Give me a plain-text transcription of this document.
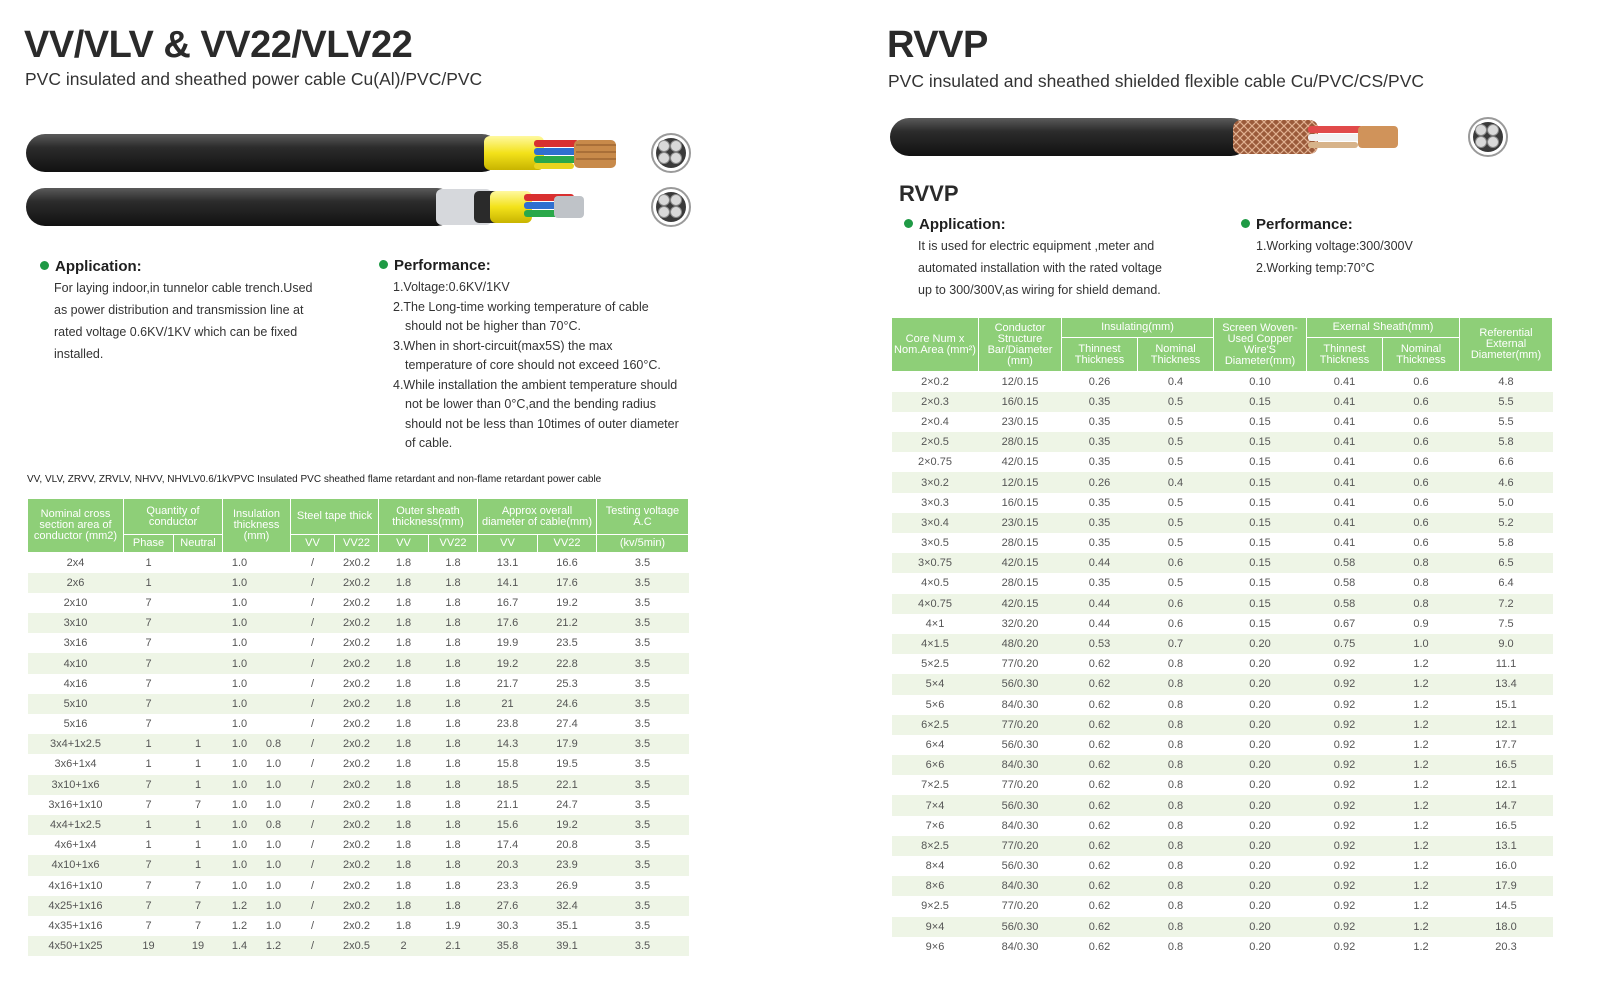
VV/VLV & VV22/VLV22
PVC insulated and sheathed power cable Cu(Al)/PVC/PVC
Application:
For laying indoor,in tunnelor cable trench.Used
as power distribution and transmission line at
rated voltage 0.6KV/1KV which can be fixed
installed.
Performance:
1.Voltage:0.6KV/1KV
2.The Long-time working temperature of cable
should not be higher than 70°C.
3.When in short-circuit(max5S) the max
temperature of core should not exceed 160°C.
4.While installation the ambient temperature should
not be lower than 0°C,and the bending radius
should not be less than 10times of outer diameter
of cable.
VV, VLV, ZRVV, ZRVLV, NHVV, NHVLV0.6/1kVPVC Insulated PVC sheathed flame retardant and non-flame retardant power cable
Nominal cross section area of conductor (mm2)	Quantity of conductor		Insulation thickness (mm)		Steel tape thick		Outer sheath thickness(mm)		Approx overall diameter of cable(mm)		Testing voltage A.C
	Phase	Neutral			VV	VV22	VV	VV22	VV	VV22	(kv/5min)
2x4	1		1.0		/	2x0.2	1.8	1.8	13.1	16.6	3.5
2x6	1		1.0		/	2x0.2	1.8	1.8	14.1	17.6	3.5
2x10	7		1.0		/	2x0.2	1.8	1.8	16.7	19.2	3.5
3x10	7		1.0		/	2x0.2	1.8	1.8	17.6	21.2	3.5
3x16	7		1.0		/	2x0.2	1.8	1.8	19.9	23.5	3.5
4x10	7		1.0		/	2x0.2	1.8	1.8	19.2	22.8	3.5
4x16	7		1.0		/	2x0.2	1.8	1.8	21.7	25.3	3.5
5x10	7		1.0		/	2x0.2	1.8	1.8	21	24.6	3.5
5x16	7		1.0		/	2x0.2	1.8	1.8	23.8	27.4	3.5
3x4+1x2.5	1	1	1.0	0.8	/	2x0.2	1.8	1.8	14.3	17.9	3.5
3x6+1x4	1	1	1.0	1.0	/	2x0.2	1.8	1.8	15.8	19.5	3.5
3x10+1x6	7	1	1.0	1.0	/	2x0.2	1.8	1.8	18.5	22.1	3.5
3x16+1x10	7	7	1.0	1.0	/	2x0.2	1.8	1.8	21.1	24.7	3.5
4x4+1x2.5	1	1	1.0	0.8	/	2x0.2	1.8	1.8	15.6	19.2	3.5
4x6+1x4	1	1	1.0	1.0	/	2x0.2	1.8	1.8	17.4	20.8	3.5
4x10+1x6	7	1	1.0	1.0	/	2x0.2	1.8	1.8	20.3	23.9	3.5
4x16+1x10	7	7	1.0	1.0	/	2x0.2	1.8	1.8	23.3	26.9	3.5
4x25+1x16	7	7	1.2	1.0	/	2x0.2	1.8	1.8	27.6	32.4	3.5
4x35+1x16	7	7	1.2	1.0	/	2x0.2	1.8	1.9	30.3	35.1	3.5
4x50+1x25	19	19	1.4	1.2	/	2x0.5	2	2.1	35.8	39.1	3.5
RVVP
PVC insulated and sheathed shielded flexible cable Cu/PVC/CS/PVC
RVVP
Application:
It is used for electric equipment ,meter and
automated installation with the rated voltage
up to 300/300V,as wiring for shield demand.
Performance:
1.Working voltage:300/300V
2.Working temp:70°C
Core Num x Nom.Area (mm²)	Conductor Structure Bar/Diameter (mm)	Insulating(mm)		Screen Woven-Used Copper Wire'S Diameter(mm)	Exernal Sheath(mm)		Referential External Diameter(mm)
		Thinnest Thickness	Nominal Thickness		Thinnest Thickness	Nominal Thickness	
2×0.2	12/0.15	0.26	0.4	0.10	0.41	0.6	4.8
2×0.3	16/0.15	0.35	0.5	0.15	0.41	0.6	5.5
2×0.4	23/0.15	0.35	0.5	0.15	0.41	0.6	5.5
2×0.5	28/0.15	0.35	0.5	0.15	0.41	0.6	5.8
2×0.75	42/0.15	0.35	0.5	0.15	0.41	0.6	6.6
3×0.2	12/0.15	0.26	0.4	0.15	0.41	0.6	4.6
3×0.3	16/0.15	0.35	0.5	0.15	0.41	0.6	5.0
3×0.4	23/0.15	0.35	0.5	0.15	0.41	0.6	5.2
3×0.5	28/0.15	0.35	0.5	0.15	0.41	0.6	5.8
3×0.75	42/0.15	0.44	0.6	0.15	0.58	0.8	6.5
4×0.5	28/0.15	0.35	0.5	0.15	0.58	0.8	6.4
4×0.75	42/0.15	0.44	0.6	0.15	0.58	0.8	7.2
4×1	32/0.20	0.44	0.6	0.15	0.67	0.9	7.5
4×1.5	48/0.20	0.53	0.7	0.20	0.75	1.0	9.0
5×2.5	77/0.20	0.62	0.8	0.20	0.92	1.2	11.1
5×4	56/0.30	0.62	0.8	0.20	0.92	1.2	13.4
5×6	84/0.30	0.62	0.8	0.20	0.92	1.2	15.1
6×2.5	77/0.20	0.62	0.8	0.20	0.92	1.2	12.1
6×4	56/0.30	0.62	0.8	0.20	0.92	1.2	17.7
6×6	84/0.30	0.62	0.8	0.20	0.92	1.2	16.5
7×2.5	77/0.20	0.62	0.8	0.20	0.92	1.2	12.1
7×4	56/0.30	0.62	0.8	0.20	0.92	1.2	14.7
7×6	84/0.30	0.62	0.8	0.20	0.92	1.2	16.5
8×2.5	77/0.20	0.62	0.8	0.20	0.92	1.2	13.1
8×4	56/0.30	0.62	0.8	0.20	0.92	1.2	16.0
8×6	84/0.30	0.62	0.8	0.20	0.92	1.2	17.9
9×2.5	77/0.20	0.62	0.8	0.20	0.92	1.2	14.5
9×4	56/0.30	0.62	0.8	0.20	0.92	1.2	18.0
9×6	84/0.30	0.62	0.8	0.20	0.92	1.2	20.3
